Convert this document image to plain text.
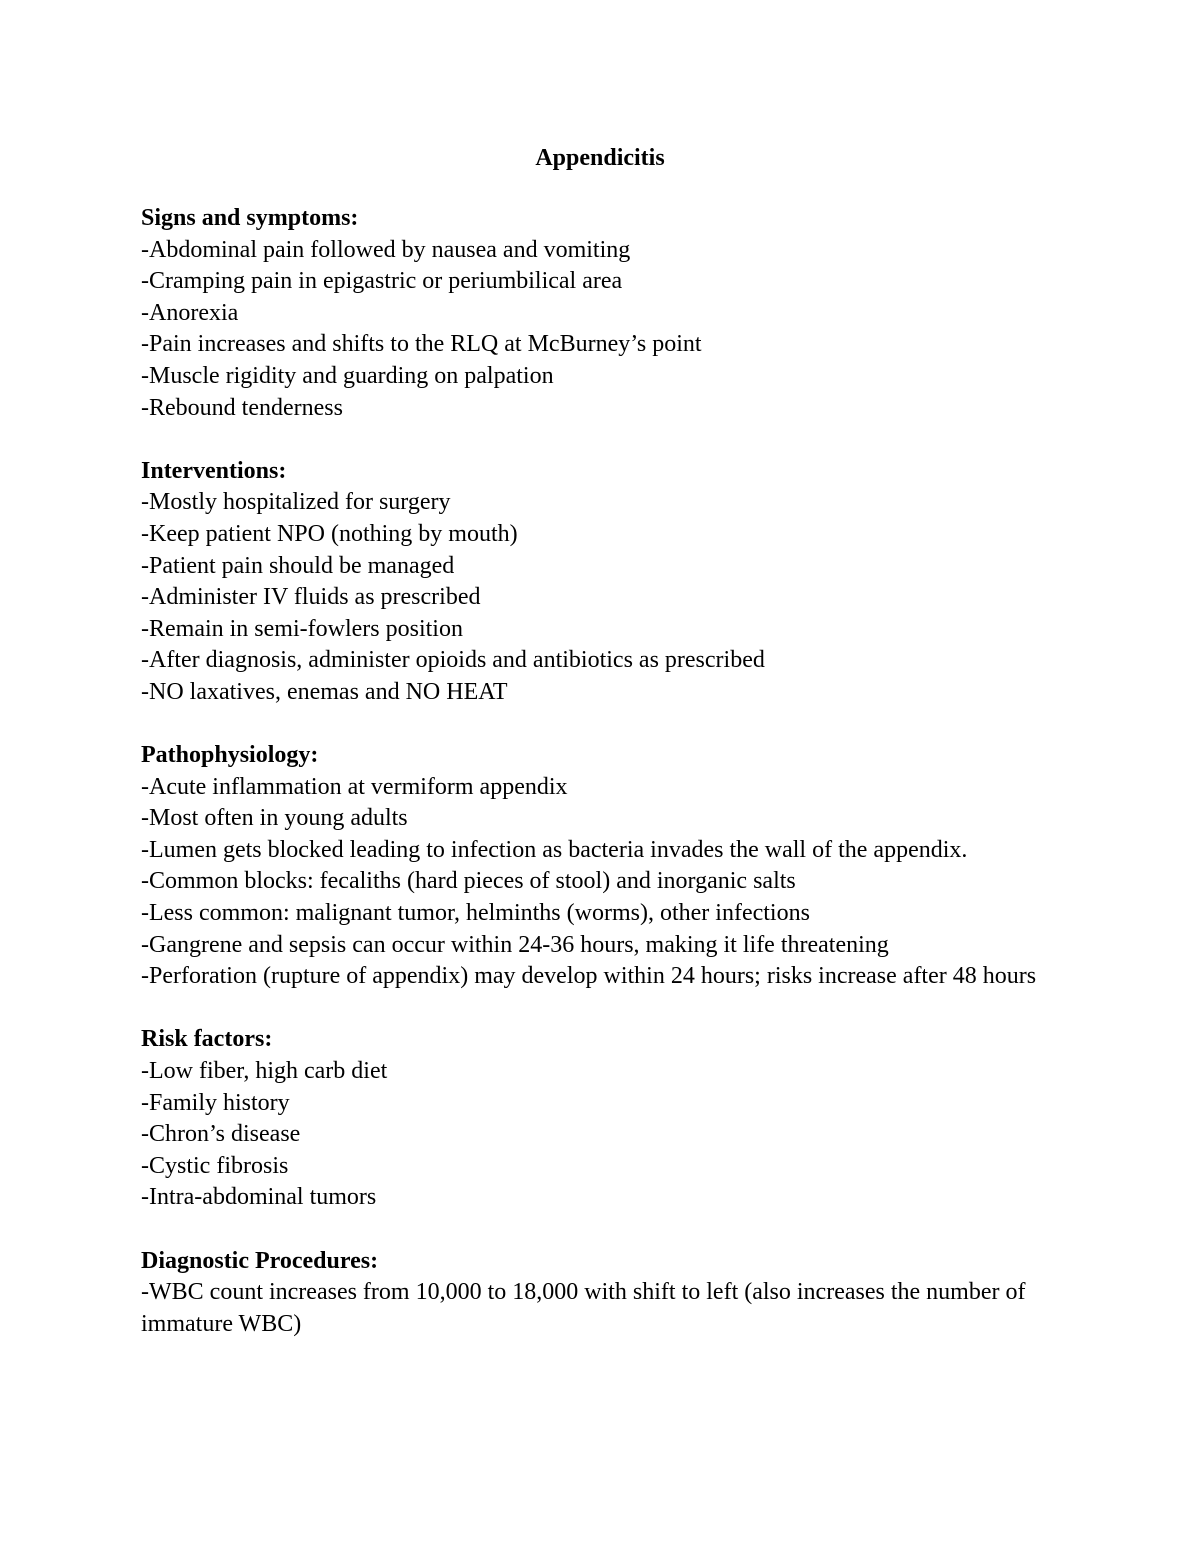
Appendicitis
Signs and symptoms:
-Abdominal pain followed by nausea and vomiting
-Cramping pain in epigastric or periumbilical area
-Anorexia
-Pain increases and shifts to the RLQ at McBurney’s point
-Muscle rigidity and guarding on palpation
-Rebound tenderness
Interventions:
-Mostly hospitalized for surgery
-Keep patient NPO (nothing by mouth)
-Patient pain should be managed
-Administer IV fluids as prescribed
-Remain in semi-fowlers position
-After diagnosis, administer opioids and antibiotics as prescribed
-NO laxatives, enemas and NO HEAT
Pathophysiology:
-Acute inflammation at vermiform appendix
-Most often in young adults
-Lumen gets blocked leading to infection as bacteria invades the wall of the appendix.
-Common blocks: fecaliths (hard pieces of stool) and inorganic salts
-Less common: malignant tumor, helminths (worms), other infections
-Gangrene and sepsis can occur within 24-36 hours, making it life threatening
-Perforation (rupture of appendix) may develop within 24 hours; risks increase after 48 hours
Risk factors:
-Low fiber, high carb diet
-Family history
-Chron’s disease
-Cystic fibrosis
-Intra-abdominal tumors
Diagnostic Procedures:
-WBC count increases from 10,000 to 18,000 with shift to left (also increases the number of immature WBC)
